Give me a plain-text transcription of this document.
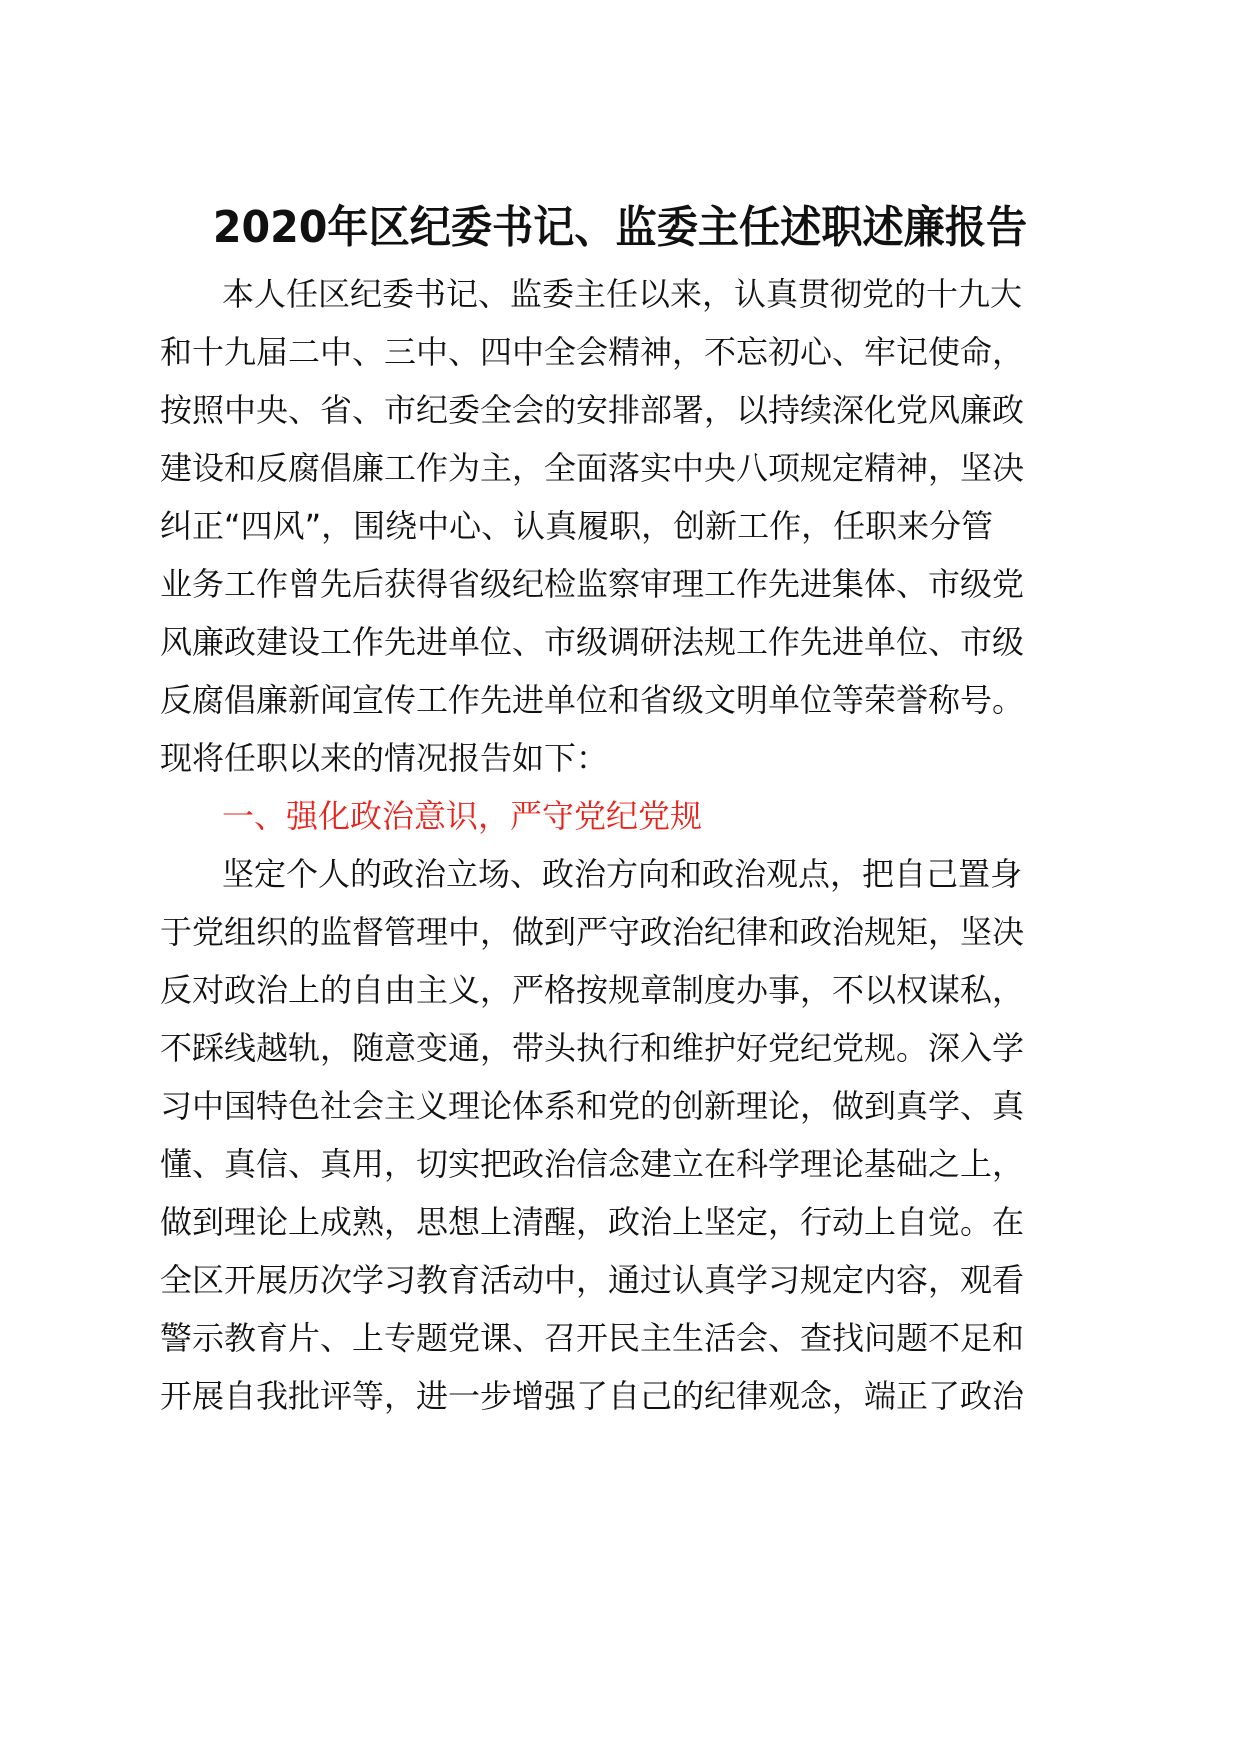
2020年区纪委书记、监委主任述职述廉报告
本人任区纪委书记、监委主任以来，认真贯彻党的十九大
和十九届二中、三中、四中全会精神，不忘初心、牢记使命，
按照中央、省、市纪委全会的安排部署，以持续深化党风廉政
建设和反腐倡廉工作为主，全面落实中央八项规定精神，坚决
纠正“四风”，围绕中心、认真履职，创新工作，任职来分管
业务工作曾先后获得省级纪检监察审理工作先进集体、市级党
风廉政建设工作先进单位、市级调研法规工作先进单位、市级
反腐倡廉新闻宣传工作先进单位和省级文明单位等荣誉称号。
现将任职以来的情况报告如下：
一、强化政治意识，严守党纪党规
坚定个人的政治立场、政治方向和政治观点，把自己置身
于党组织的监督管理中，做到严守政治纪律和政治规矩，坚决
反对政治上的自由主义，严格按规章制度办事，不以权谋私，
不踩线越轨，随意变通，带头执行和维护好党纪党规。深入学
习中国特色社会主义理论体系和党的创新理论，做到真学、真
懂、真信、真用，切实把政治信念建立在科学理论基础之上，
做到理论上成熟，思想上清醒，政治上坚定，行动上自觉。在
全区开展历次学习教育活动中，通过认真学习规定内容，观看
警示教育片、上专题党课、召开民主生活会、查找问题不足和
开展自我批评等，进一步增强了自己的纪律观念，端正了政治
